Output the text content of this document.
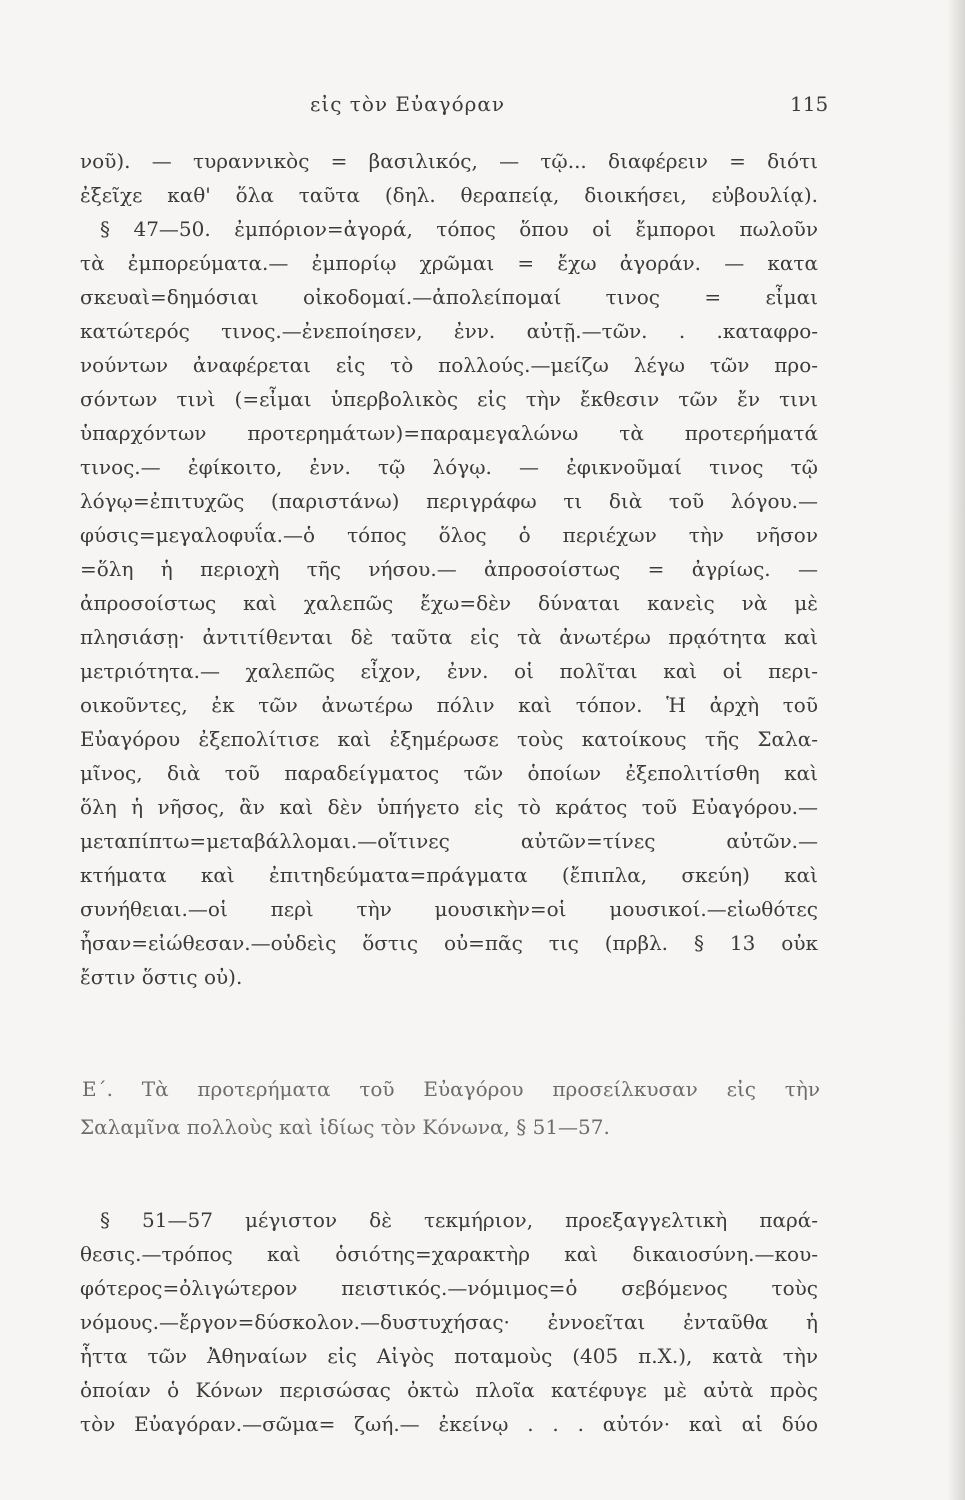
εἰς τὸν Εὐαγόραν	115

νοῦ). — τυραννικὸς = βασιλικός, — τῷ... διαφέρειν = διότι

ἐξεῖχε καθ' ὅλα ταῦτα (δηλ. θεραπείᾳ, διοικήσει, εὐβουλίᾳ).

§ 47—50. ἐμπόριον=ἀγορά, τόπος ὅπου οἱ ἔμποροι πωλοῦν

τὰ ἐμπορεύματα.— ἐμπορίῳ χρῶμαι = ἔχω ἀγοράν. — κατα

σκευαὶ=δημόσιαι οἰκοδομαί.—ἀπολείπομαί τινος = εἶμαι

κατώτερός τινος.—ἐνεποίησεν, ἐνν. αὐτῇ.—τῶν. . .καταφρο-

νούντων ἀναφέρεται εἰς τὸ πολλούς.—μείζω λέγω τῶν προ-

σόντων τινὶ (=εἶμαι ὑπερβολικὸς εἰς τὴν ἔκθεσιν τῶν ἔν τινι

ὑπαρχόντων προτερημάτων)=παραμεγαλώνω τὰ προτερήματά

τινος.— ἐφίκοιτο, ἐνν. τῷ λόγῳ. — ἐφικνοῦμαί τινος τῷ

λόγῳ=ἐπιτυχῶς (παριστάνω) περιγράφω τι διὰ τοῦ λόγου.—

φύσις=μεγαλοφυΐα.—ὁ τόπος ὅλος ὁ περιέχων τὴν νῆσον

=ὅλη ἡ περιοχὴ τῆς νήσου.— ἀπροσοίστως = ἀγρίως. —

ἀπροσοίστως καὶ χαλεπῶς ἔχω=δὲν δύναται κανεὶς νὰ μὲ

πλησιάσῃ· ἀντιτίθενται δὲ ταῦτα εἰς τὰ ἀνωτέρω πρᾳότητα καὶ

μετριότητα.— χαλεπῶς εἶχον, ἐνν. οἱ πολῖται καὶ οἱ περι-

οικοῦντες, ἐκ τῶν ἀνωτέρω πόλιν καὶ τόπον. Ἡ ἀρχὴ τοῦ

Εὐαγόρου ἐξεπολίτισε καὶ ἐξημέρωσε τοὺς κατοίκους τῆς Σαλα-

μῖνος, διὰ τοῦ παραδείγματος τῶν ὁποίων ἐξεπολιτίσθη καὶ

ὅλη ἡ νῆσος, ἂν καὶ δὲν ὑπήγετο εἰς τὸ κράτος τοῦ Εὐαγόρου.—

μεταπίπτω=μεταβάλλομαι.—οἵτινες αὐτῶν=τίνες αὐτῶν.—

κτήματα καὶ ἐπιτηδεύματα=πράγματα (ἔπιπλα, σκεύη) καὶ

συνήθειαι.—οἱ περὶ τὴν μουσικὴν=οἱ μουσικοί.—εἰωθότες

ἦσαν=εἰώθεσαν.—οὐδεὶς ὅστις οὐ=πᾶς τις (πρβλ. § 13 οὐκ

ἔστιν ὅστις οὐ).

Ε΄. Τὰ προτερήματα τοῦ Εὐαγόρου προσείλκυσαν εἰς τὴν

Σαλαμῖνα πολλοὺς καὶ ἰδίως τὸν Κόνωνα, § 51—57.

§ 51—57 μέγιστον δὲ τεκμήριον, προεξαγγελτικὴ παρά-

θεσις.—τρόπος καὶ ὁσιότης=χαρακτὴρ καὶ δικαιοσύνη.—κου-

φότερος=ὀλιγώτερον πειστικός.—νόμιμος=ὁ σεβόμενος τοὺς

νόμους.—ἔργον=δύσκολον.—δυστυχήσας· ἐννοεῖται ἐνταῦθα ἡ

ἧττα τῶν Ἀθηναίων εἰς Αἰγὸς ποταμοὺς (405 π.Χ.), κατὰ τὴν

ὁποίαν ὁ Κόνων περισώσας ὀκτὼ πλοῖα κατέφυγε μὲ αὐτὰ πρὸς

τὸν Εὐαγόραν.—σῶμα= ζωή.— ἐκείνῳ . . . αὐτόν· καὶ αἱ δύο
